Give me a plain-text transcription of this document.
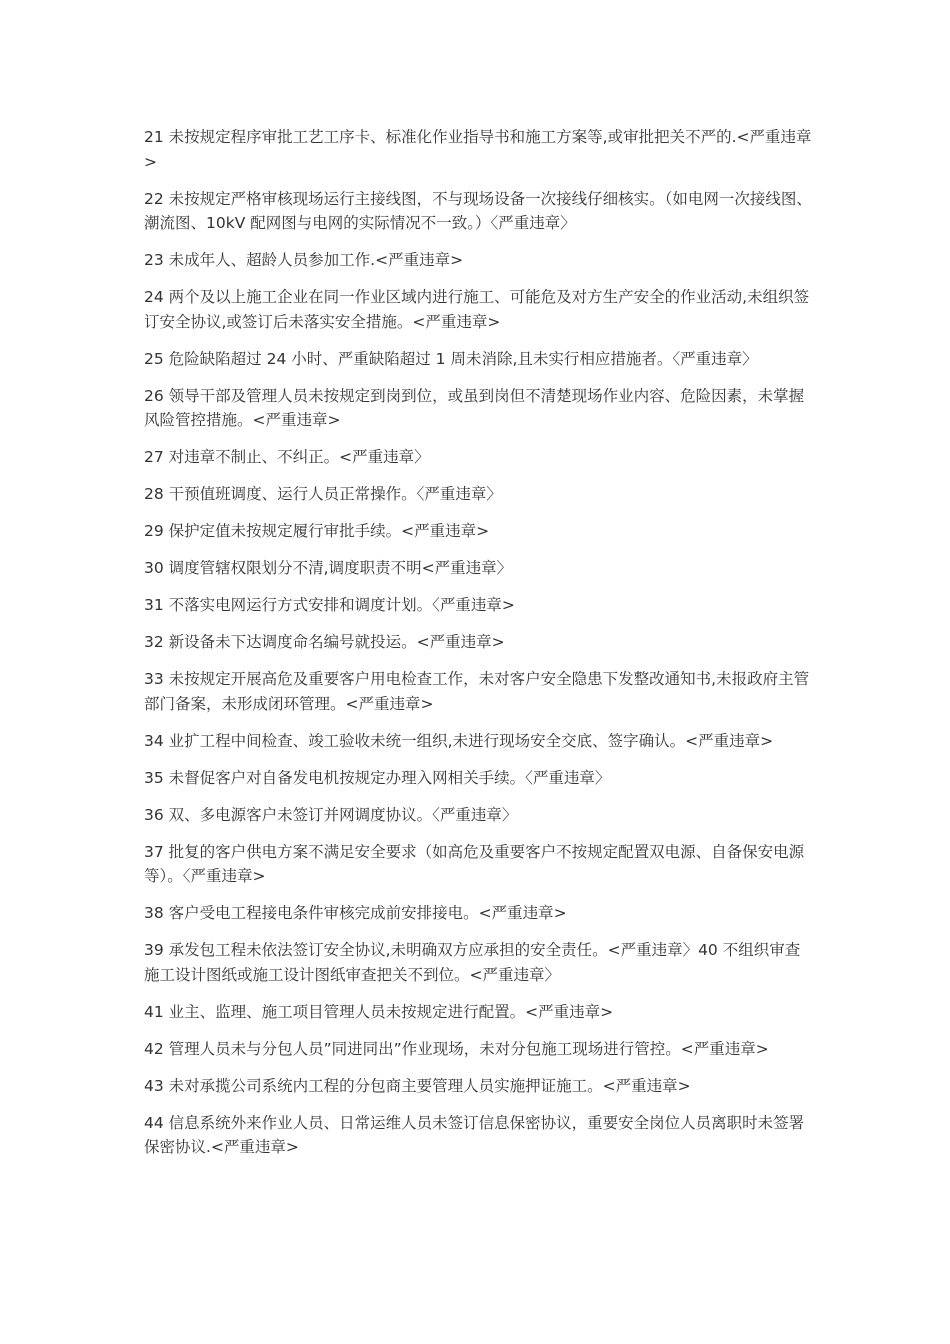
21 未按规定程序审批工艺工序卡、标准化作业指导书和施工方案等,或审批把关不严的.<严重违章>

22 未按规定严格审核现场运行主接线图，不与现场设备一次接线仔细核实。（如电网一次接线图、潮流图、10kV 配网图与电网的实际情况不一致。）〈严重违章〉

23 未成年人、超龄人员参加工作.<严重违章>

24 两个及以上施工企业在同一作业区域内进行施工、可能危及对方生产安全的作业活动,未组织签订安全协议,或签订后未落实安全措施。<严重违章>

25 危险缺陷超过 24 小时、严重缺陷超过 1 周未消除,且未实行相应措施者。〈严重违章〉

26 领导干部及管理人员未按规定到岗到位，或虽到岗但不清楚现场作业内容、危险因素，未掌握风险管控措施。<严重违章>

27 对违章不制止、不纠正。<严重违章〉

28 干预值班调度、运行人员正常操作。〈严重违章〉

29 保护定值未按规定履行审批手续。<严重违章>

30 调度管辖权限划分不清,调度职责不明<严重违章〉

31 不落实电网运行方式安排和调度计划。〈严重违章>

32 新设备未下达调度命名编号就投运。<严重违章>

33 未按规定开展高危及重要客户用电检查工作，未对客户安全隐患下发整改通知书,未报政府主管部门备案，未形成闭环管理。<严重违章>

34 业扩工程中间检查、竣工验收未统一组织,未进行现场安全交底、签字确认。<严重违章>

35 未督促客户对自备发电机按规定办理入网相关手续。〈严重违章〉

36 双、多电源客户未签订并网调度协议。〈严重违章〉

37 批复的客户供电方案不满足安全要求（如高危及重要客户不按规定配置双电源、自备保安电源等）。〈严重违章>

38 客户受电工程接电条件审核完成前安排接电。<严重违章>

39 承发包工程未依法签订安全协议,未明确双方应承担的安全责任。<严重违章〉40 不组织审查施工设计图纸或施工设计图纸审查把关不到位。<严重违章〉

41 业主、监理、施工项目管理人员未按规定进行配置。<严重违章>

42 管理人员未与分包人员”同进同出”作业现场，未对分包施工现场进行管控。<严重违章>

43 未对承揽公司系统内工程的分包商主要管理人员实施押证施工。<严重违章>

44 信息系统外来作业人员、日常运维人员未签订信息保密协议，重要安全岗位人员离职时未签署保密协议.<严重违章>
